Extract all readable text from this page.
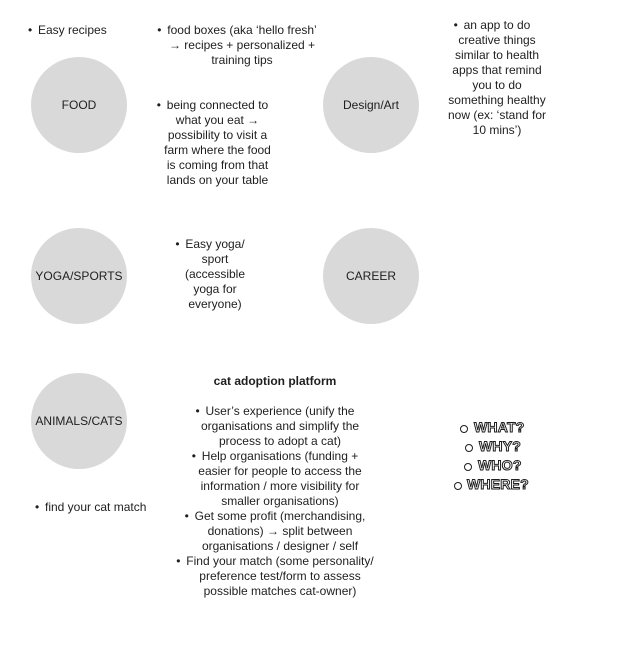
FOOD	Design/Art
YOGA/SPORTS	CAREER
ANIMALS/CATS
Easy recipes	food boxes (aka ‘hello fresh’
→ recipes + personalized +
training tips
being connected to
what you eat →
possibility to visit a
farm where the food
is coming from that
lands on your table
an app to do
creative things
similar to health
apps that remind
you to do
something healthy
now (ex: ‘stand for
10 mins’)
Easy yoga/
sport
(accessible
yoga for
everyone)
find your cat match
cat adoption platform
User’s experience (unify the
organisations and simplify the
process to adopt a cat)
Help organisations (funding +
easier for people to access the
information / more visibility for
smaller organisations)
Get some profit (merchandising,
donations) → split between
organisations / designer / self
Find your match (some personality/
preference test/form to assess
possible matches cat-owner)
WHAT?
WHY?
WHO?
WHERE?
